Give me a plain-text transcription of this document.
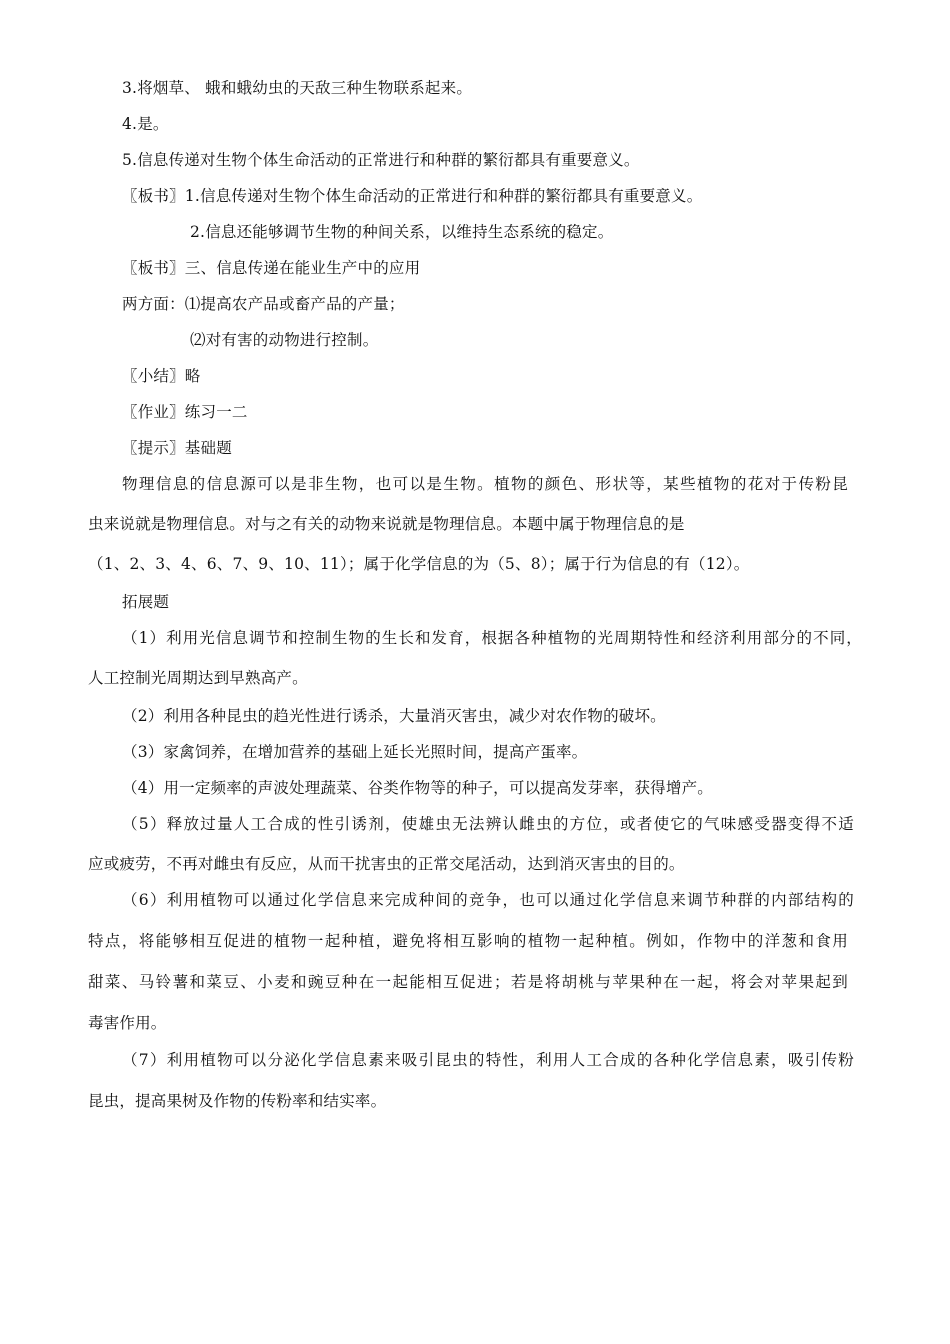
3.将烟草、 蛾和蛾幼虫的天敌三种生物联系起来。
4.是。
5.信息传递对生物个体生命活动的正常进行和种群的繁衍都具有重要意义。
〖板书〗1.信息传递对生物个体生命活动的正常进行和种群的繁衍都具有重要意义。
2.信息还能够调节生物的种间关系，以维持生态系统的稳定。
〖板书〗三、信息传递在能业生产中的应用
两方面：⑴提高农产品或畜产品的产量；
⑵对有害的动物进行控制。
〖小结〗略
〖作业〗练习一二
〖提示〗基础题
物理信息的信息源可以是非生物，也可以是生物。植物的颜色、形状等，某些植物的花对于传粉昆
虫来说就是物理信息。对与之有关的动物来说就是物理信息。本题中属于物理信息的是
（1、2、3、4、6、7、9、10、11）；属于化学信息的为（5、8）；属于行为信息的有（12）。
拓展题
（1）利用光信息调节和控制生物的生长和发育，根据各种植物的光周期特性和经济利用部分的不同，
人工控制光周期达到早熟高产。
（2）利用各种昆虫的趋光性进行诱杀，大量消灭害虫，减少对农作物的破坏。
（3）家禽饲养，在增加营养的基础上延长光照时间，提高产蛋率。
（4）用一定频率的声波处理蔬菜、谷类作物等的种子，可以提高发芽率，获得增产。
（5）释放过量人工合成的性引诱剂，使雄虫无法辨认雌虫的方位，或者使它的气味感受器变得不适
应或疲劳，不再对雌虫有反应，从而干扰害虫的正常交尾活动，达到消灭害虫的目的。
（6）利用植物可以通过化学信息来完成种间的竞争，也可以通过化学信息来调节种群的内部结构的
特点，将能够相互促进的植物一起种植，避免将相互影响的植物一起种植。例如，作物中的洋葱和食用
甜菜、马铃薯和菜豆、小麦和豌豆种在一起能相互促进；若是将胡桃与苹果种在一起，将会对苹果起到
毒害作用。
（7）利用植物可以分泌化学信息素来吸引昆虫的特性，利用人工合成的各种化学信息素，吸引传粉
昆虫，提高果树及作物的传粉率和结实率。
